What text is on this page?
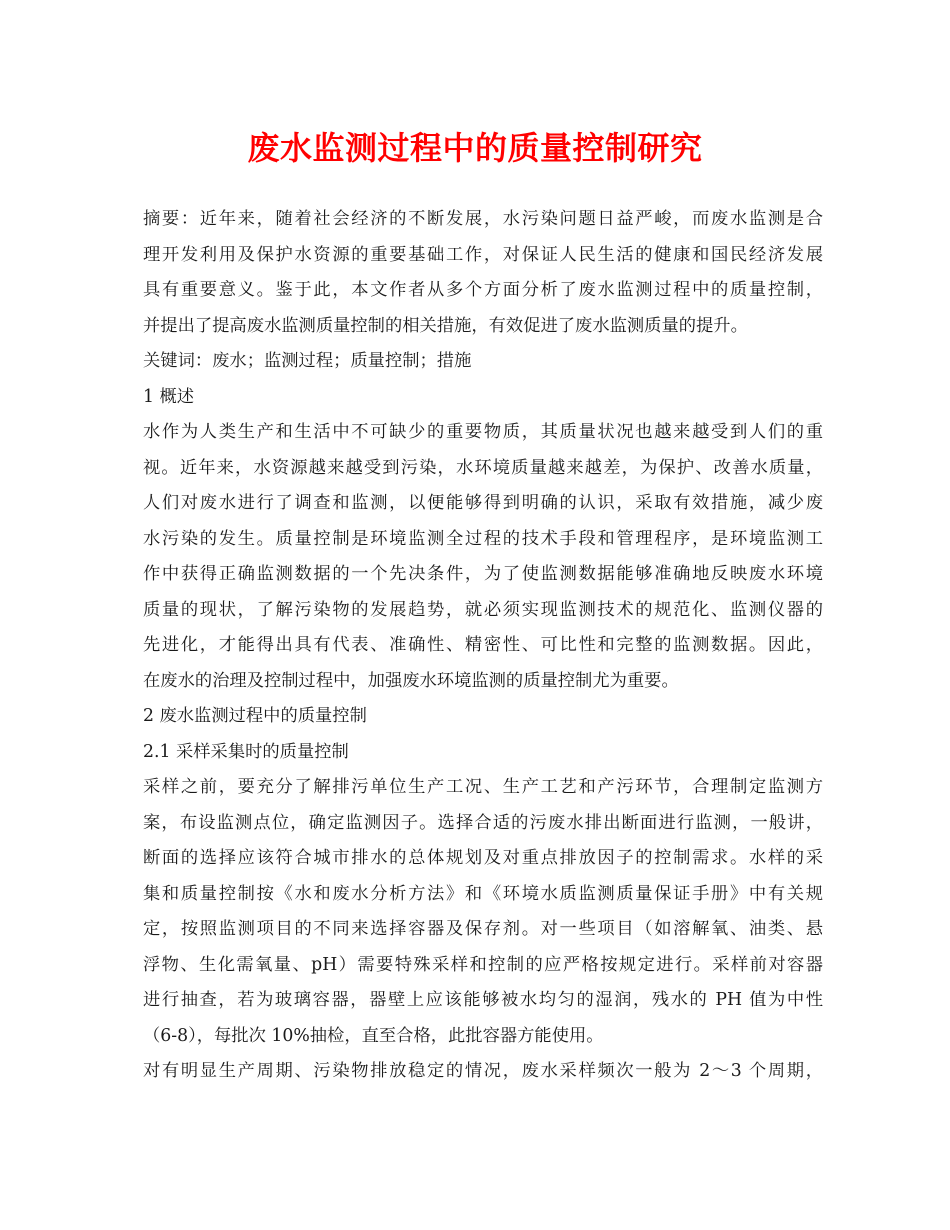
废水监测过程中的质量控制研究
摘要：近年来，随着社会经济的不断发展，水污染问题日益严峻，而废水监测是合
理开发利用及保护水资源的重要基础工作，对保证人民生活的健康和国民经济发展
具有重要意义。鉴于此，本文作者从多个方面分析了废水监测过程中的质量控制，
并提出了提高废水监测质量控制的相关措施，有效促进了废水监测质量的提升。
关键词：废水；监测过程；质量控制；措施
1 概述
水作为人类生产和生活中不可缺少的重要物质，其质量状况也越来越受到人们的重
视。近年来，水资源越来越受到污染，水环境质量越来越差，为保护、改善水质量，
人们对废水进行了调查和监测，以便能够得到明确的认识，采取有效措施，减少废
水污染的发生。质量控制是环境监测全过程的技术手段和管理程序，是环境监测工
作中获得正确监测数据的一个先决条件，为了使监测数据能够准确地反映废水环境
质量的现状，了解污染物的发展趋势，就必须实现监测技术的规范化、监测仪器的
先进化，才能得出具有代表、准确性、精密性、可比性和完整的监测数据。因此，
在废水的治理及控制过程中，加强废水环境监测的质量控制尤为重要。
2 废水监测过程中的质量控制
2.1 采样采集时的质量控制
采样之前，要充分了解排污单位生产工况、生产工艺和产污环节，合理制定监测方
案，布设监测点位，确定监测因子。选择合适的污废水排出断面进行监测，一般讲，
断面的选择应该符合城市排水的总体规划及对重点排放因子的控制需求。水样的采
集和质量控制按《水和废水分析方法》和《环境水质监测质量保证手册》中有关规
定，按照监测项目的不同来选择容器及保存剂。对一些项目（如溶解氧、油类、悬
浮物、生化需氧量、pH）需要特殊采样和控制的应严格按规定进行。采样前对容器
进行抽查，若为玻璃容器，器壁上应该能够被水均匀的湿润，残水的 PH 值为中性
（6-8），每批次 10%抽检，直至合格，此批容器方能使用。
对有明显生产周期、污染物排放稳定的情况，废水采样频次一般为 2～3 个周期，
